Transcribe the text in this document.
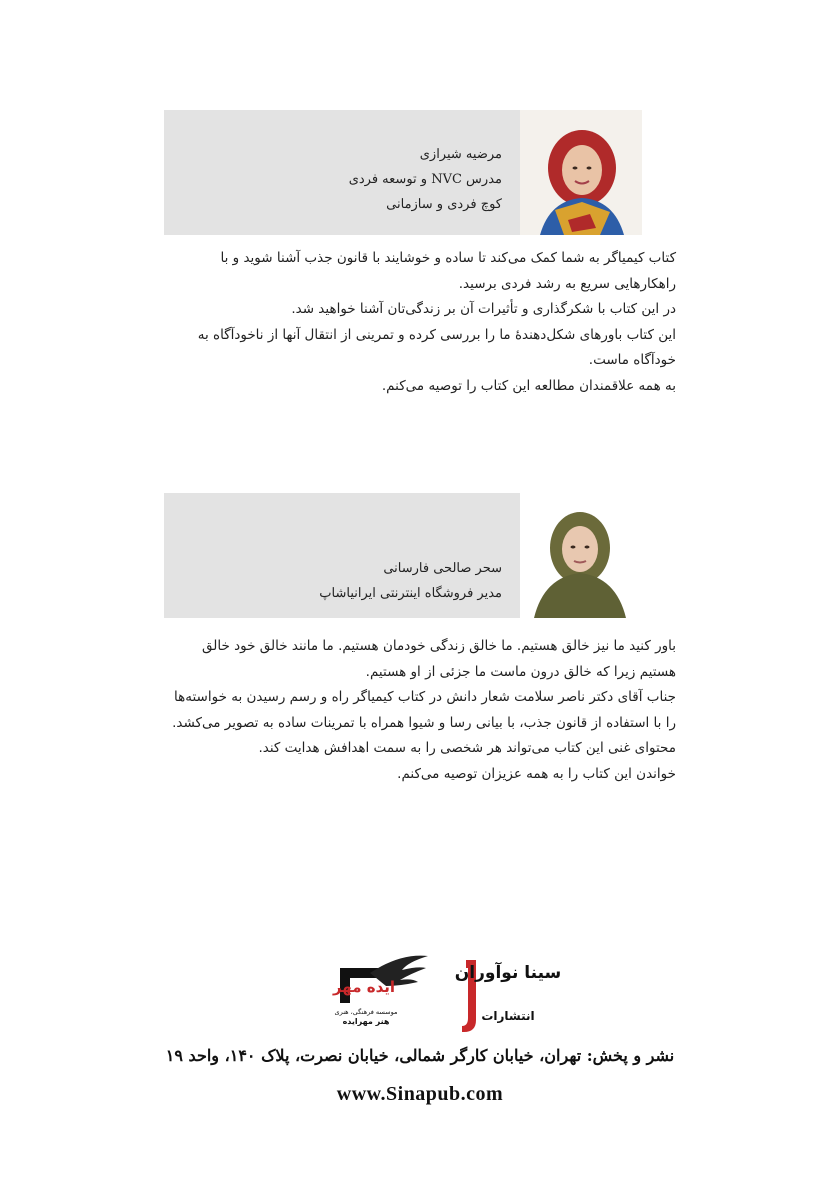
مرضیه شیرازی
مدرس NVC و توسعه فردی
کوچ فردی و سازمانی

کتاب کیمیاگر به شما کمک می‌کند تا ساده و خوشایند با قانون جذب آشنا شوید و با راهکارهایی سریع به رشد فردی برسید.

در این کتاب با شکرگذاری و تأثیرات آن بر زندگی‌تان آشنا خواهید شد.

این کتاب باورهای شکل‌دهندهٔ ما را بررسی کرده و تمرینی از انتقال آنها از ناخودآگاه به خودآگاه ماست.

به همه علاقمندان مطالعه این کتاب را توصیه می‌کنم.

سحر صالحی فارسانی
مدیر فروشگاه اینترنتی ایرانیاشاپ

باور کنید ما نیز خالق هستیم. ما خالق زندگی خودمان هستیم. ما مانند خالق خود خالق هستیم زیرا که خالق درون ماست ما جزئی از او هستیم.

جناب آقای دکتر ناصر سلامت شعار دانش در کتاب کیمیاگر راه و رسم رسیدن به خواسته‌ها را با استفاده از قانون جذب، با بیانی رسا و شیوا همراه با تمرینات ساده به تصویر می‌کشد.

محتوای غنی این کتاب می‌تواند هر شخصی را به سمت اهدافش هدایت کند.

خواندن این کتاب را به همه عزیزان توصیه می‌کنم.

ایده مهر
موسسه فرهنگی، هنری
هنر مهرایده
سینا نوآوران
انتشارات
نشر و پخش: تهران، خیابان کارگر شمالی، خیابان نصرت، پلاک ۱۴۰، واحد ۱۹
www.Sinapub.com
